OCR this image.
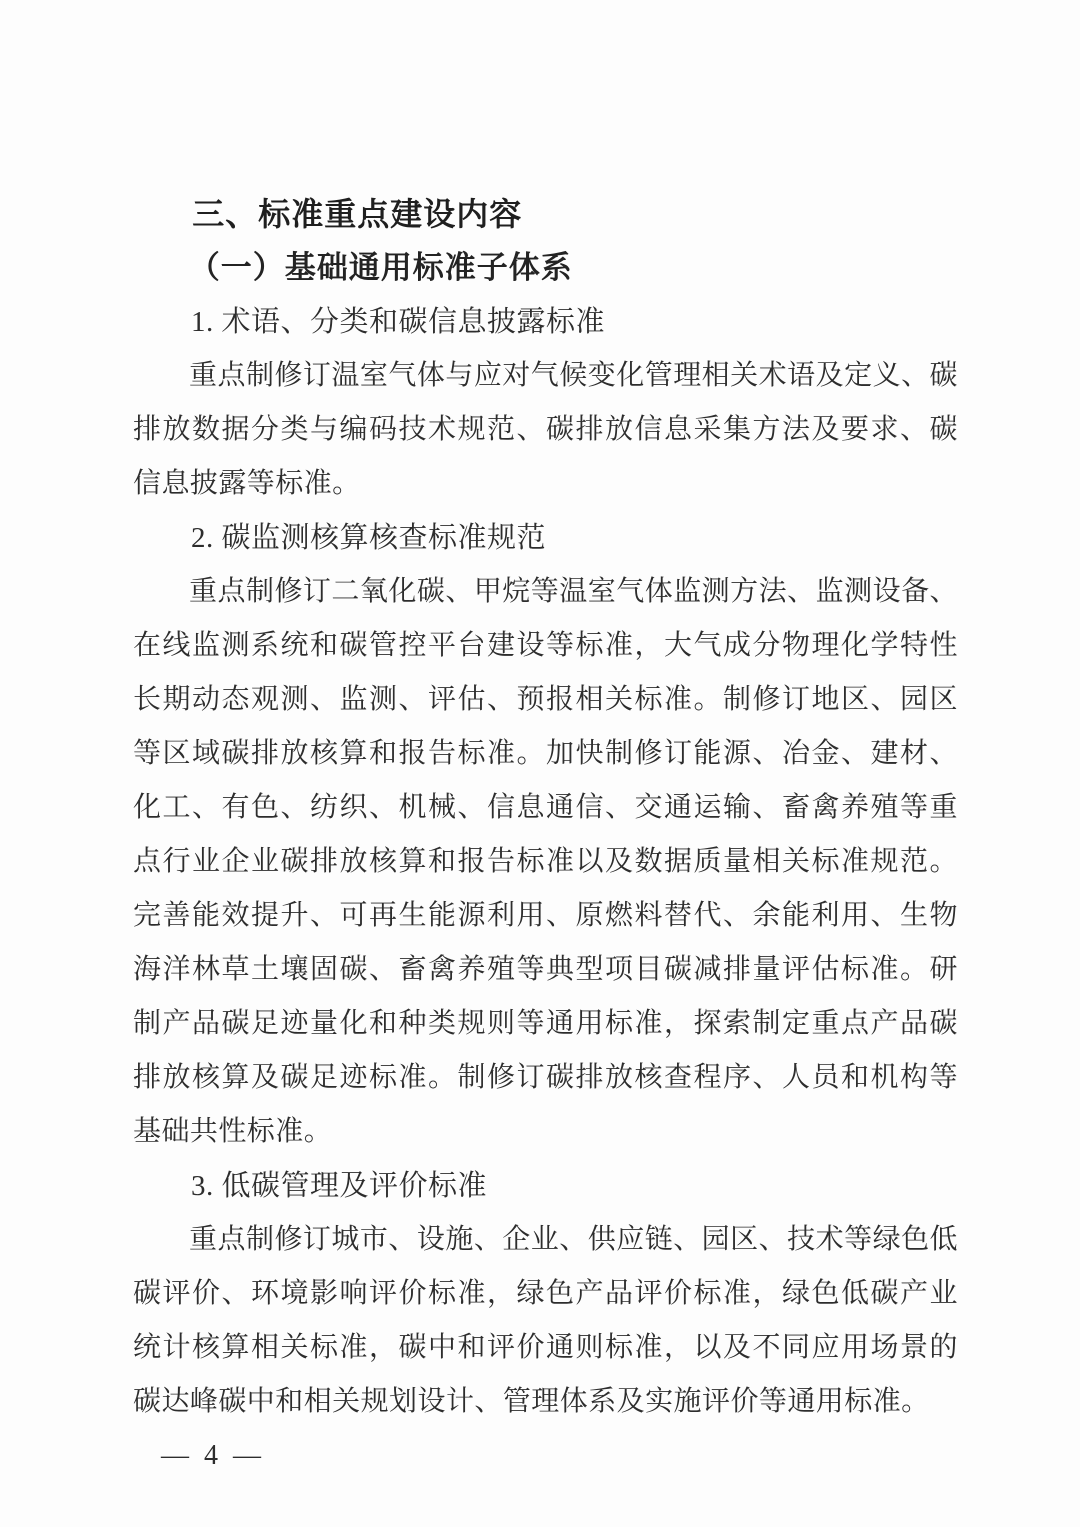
三、标准重点建设内容
（一）基础通用标准子体系
1. 术语、分类和碳信息披露标准

重点制修订温室气体与应对气候变化管理相关术语及定义、碳排放数据分类与编码技术规范、碳排放信息采集方法及要求、碳信息披露等标准。

2. 碳监测核算核查标准规范

重点制修订二氧化碳、甲烷等温室气体监测方法、监测设备、在线监测系统和碳管控平台建设等标准，大气成分物理化学特性长期动态观测、监测、评估、预报相关标准。制修订地区、园区等区域碳排放核算和报告标准。加快制修订能源、冶金、建材、化工、有色、纺织、机械、信息通信、交通运输、畜禽养殖等重点行业企业碳排放核算和报告标准以及数据质量相关标准规范。完善能效提升、可再生能源利用、原燃料替代、余能利用、生物海洋林草土壤固碳、畜禽养殖等典型项目碳减排量评估标准。研制产品碳足迹量化和种类规则等通用标准，探索制定重点产品碳排放核算及碳足迹标准。制修订碳排放核查程序、人员和机构等基础共性标准。

3. 低碳管理及评价标准

重点制修订城市、设施、企业、供应链、园区、技术等绿色低碳评价、环境影响评价标准，绿色产品评价标准，绿色低碳产业统计核算相关标准，碳中和评价通则标准，以及不同应用场景的碳达峰碳中和相关规划设计、管理体系及实施评价等通用标准。

— 4 —
